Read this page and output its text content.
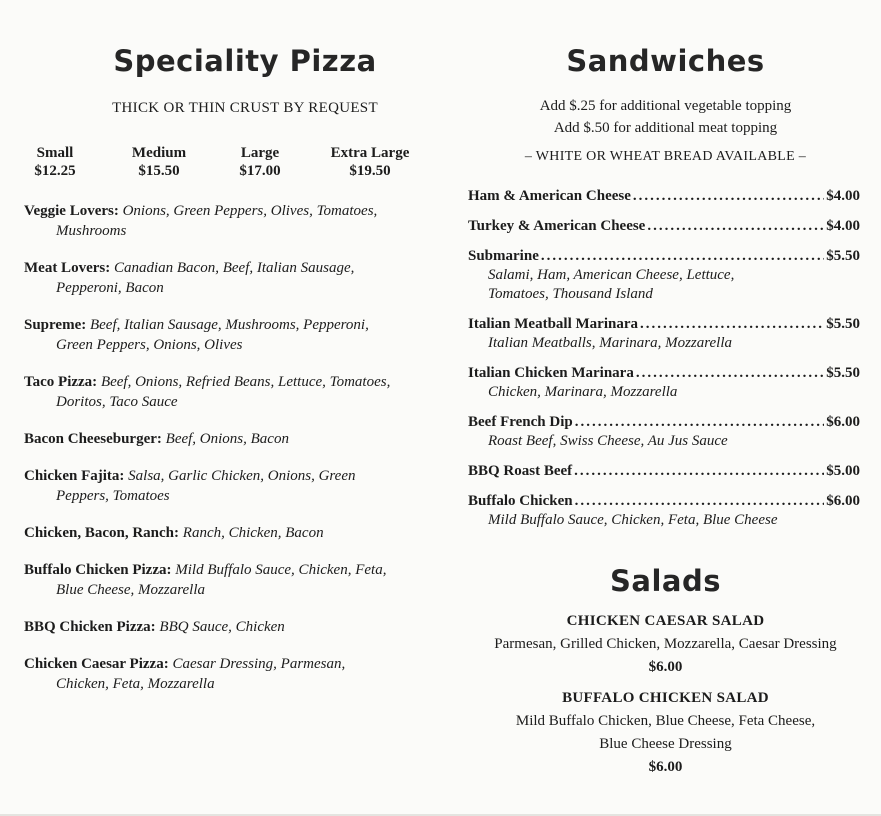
Speciality Pizza
THICK OR THIN CRUST BY REQUEST
Small
$12.25
Medium
$15.50
Large
$17.00
Extra Large
$19.50
Veggie Lovers: Onions, Green Peppers, Olives, Tomatoes,
Mushrooms
Meat Lovers: Canadian Bacon, Beef, Italian Sausage,
Pepperoni, Bacon
Supreme: Beef, Italian Sausage, Mushrooms, Pepperoni,
Green Peppers, Onions, Olives
Taco Pizza: Beef, Onions, Refried Beans, Lettuce, Tomatoes,
Doritos, Taco Sauce
Bacon Cheeseburger: Beef, Onions, Bacon
Chicken Fajita: Salsa, Garlic Chicken, Onions, Green
Peppers, Tomatoes
Chicken, Bacon, Ranch: Ranch, Chicken, Bacon
Buffalo Chicken Pizza: Mild Buffalo Sauce, Chicken, Feta,
Blue Cheese, Mozzarella
BBQ Chicken Pizza: BBQ Sauce, Chicken
Chicken Caesar Pizza: Caesar Dressing, Parmesan,
Chicken, Feta, Mozzarella
Sandwiches
Add $.25 for additional vegetable topping
Add $.50 for additional meat topping
– WHITE OR WHEAT BREAD AVAILABLE –
Ham & American Cheese .....	$4.00
Turkey & American Cheese .....	$4.00
Submarine .....	$5.50
Salami, Ham, American Cheese, Lettuce,
Tomatoes, Thousand Island
Italian Meatball Marinara .....	$5.50
Italian Meatballs, Marinara, Mozzarella
Italian Chicken Marinara .....	$5.50
Chicken, Marinara, Mozzarella
Beef French Dip .....	$6.00
Roast Beef, Swiss Cheese, Au Jus Sauce
BBQ Roast Beef .....	$5.00
Buffalo Chicken .....	$6.00
Mild Buffalo Sauce, Chicken, Feta, Blue Cheese
Salads
CHICKEN CAESAR SALAD
Parmesan, Grilled Chicken, Mozzarella, Caesar Dressing
$6.00
BUFFALO CHICKEN SALAD
Mild Buffalo Chicken, Blue Cheese, Feta Cheese,
Blue Cheese Dressing
$6.00
